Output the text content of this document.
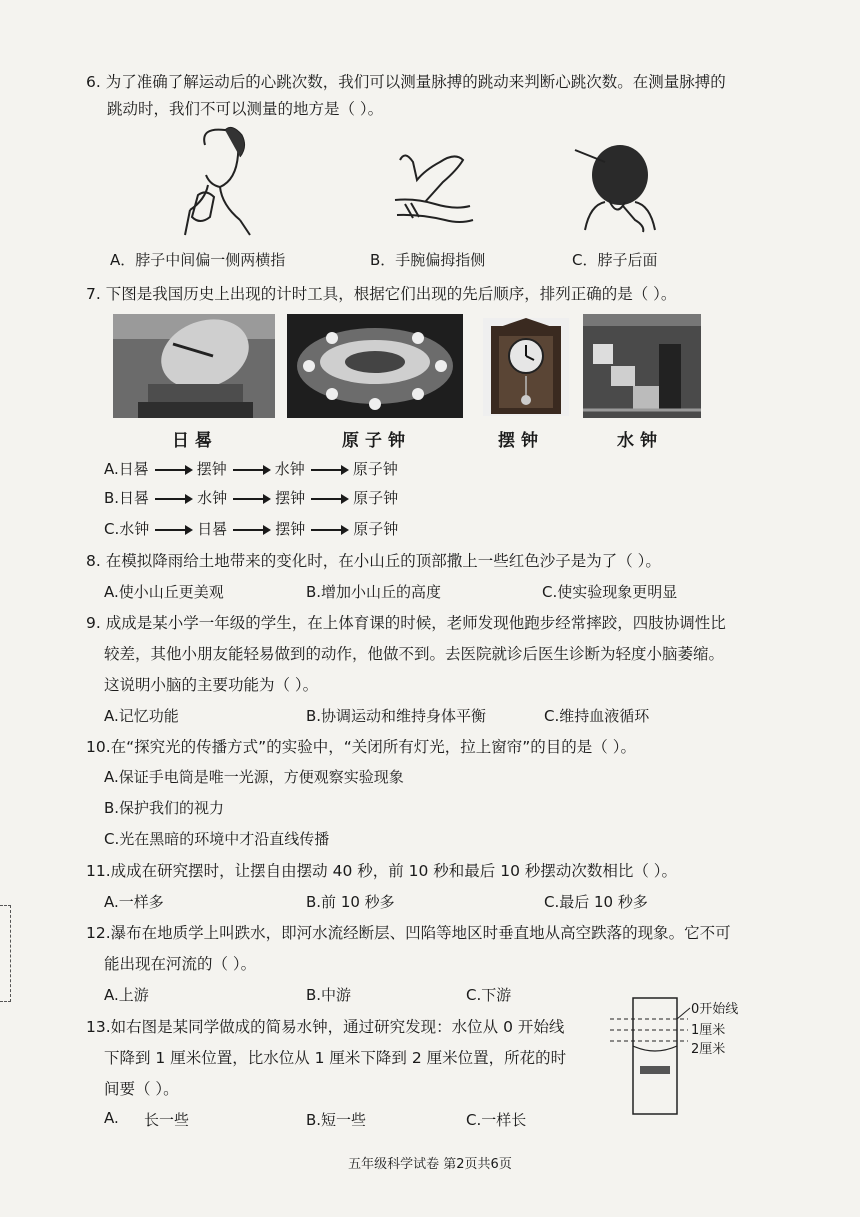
6. 为了准确了解运动后的心跳次数，我们可以测量脉搏的跳动来判断心跳次数。在测量脉搏的
跳动时，我们不可以测量的地方是（ ）。
A．脖子中间偏一侧两横指	B．手腕偏拇指侧	C．脖子后面
7. 下图是我国历史上出现的计时工具，根据它们出现的先后顺序，排列正确的是（ ）。
日晷	原子钟	摆钟	水钟
A.日晷	摆钟	水钟	原子钟
B.日晷	水钟	摆钟	原子钟
C.水钟	日晷	摆钟	原子钟
8. 在模拟降雨给土地带来的变化时，在小山丘的顶部撒上一些红色沙子是为了（ ）。
A.使小山丘更美观	B.增加小山丘的高度	C.使实验现象更明显
9. 成成是某小学一年级的学生，在上体育课的时候，老师发现他跑步经常摔跤，四肢协调性比
较差，其他小朋友能轻易做到的动作，他做不到。去医院就诊后医生诊断为轻度小脑萎缩。
这说明小脑的主要功能为（ ）。
A.记忆功能	B.协调运动和维持身体平衡	C.维持血液循环
10.在“探究光的传播方式”的实验中，“关闭所有灯光，拉上窗帘”的目的是（ ）。
A.保证手电筒是唯一光源，方便观察实验现象
B.保护我们的视力
C.光在黑暗的环境中才沿直线传播
11.成成在研究摆时，让摆自由摆动 40 秒，前 10 秒和最后 10 秒摆动次数相比（ ）。
A.一样多	B.前 10 秒多	C.最后 10 秒多
12.瀑布在地质学上叫跌水，即河水流经断层、凹陷等地区时垂直地从高空跌落的现象。它不可
能出现在河流的（ ）。
A.上游	B.中游	C.下游
13.如右图是某同学做成的简易水钟，通过研究发现：水位从 0 开始线
下降到 1 厘米位置，比水位从 1 厘米下降到 2 厘米位置，所花的时
间要（ ）。
A. 长一些	B.短一些	C.一样长
0开始线
1厘米
2厘米
五年级科学试卷 第2页共6页
